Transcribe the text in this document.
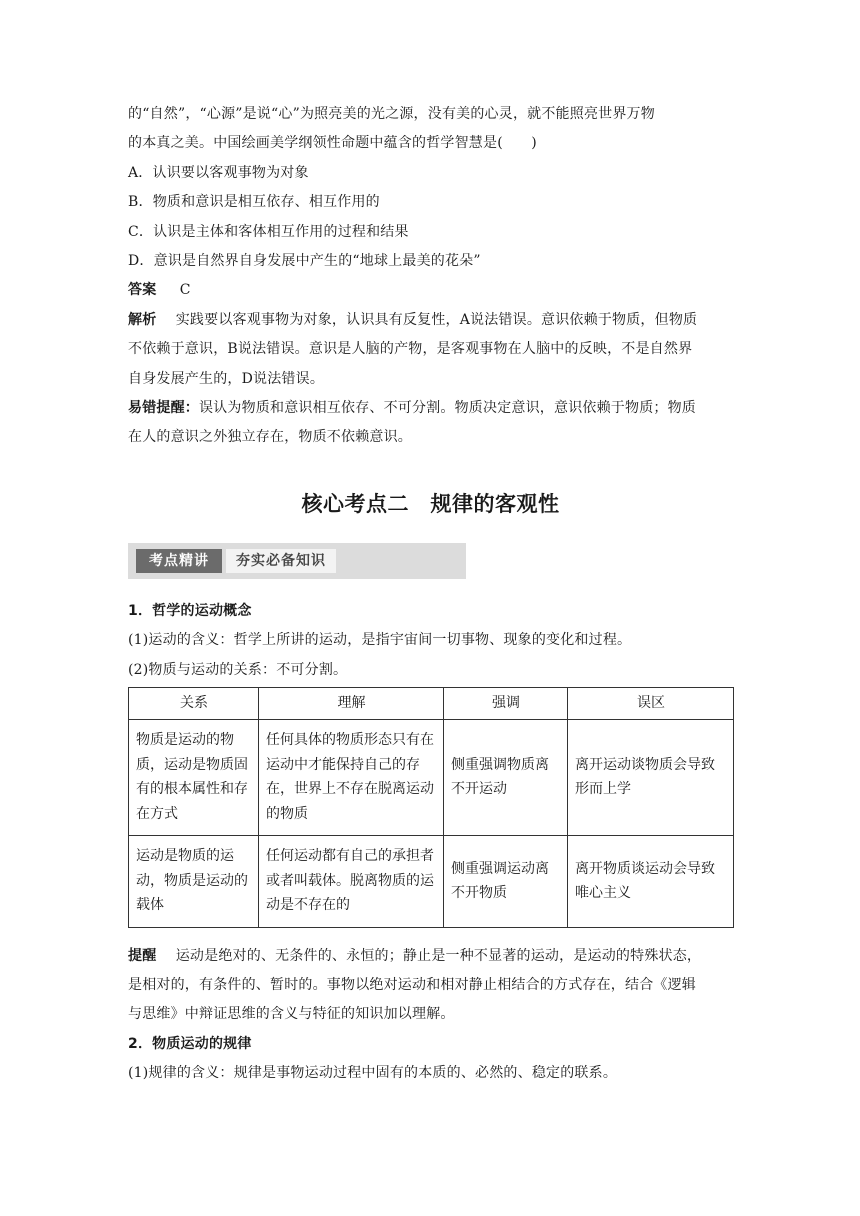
的“自然”，“心源”是说“心”为照亮美的光之源，没有美的心灵，就不能照亮世界万物

的本真之美。中国绘画美学纲领性命题中蕴含的哲学智慧是(　　)

A．认识要以客观事物为对象

B．物质和意识是相互依存、相互作用的

C．认识是主体和客体相互作用的过程和结果

D．意识是自然界自身发展中产生的“地球上最美的花朵”

答案 C

解析 实践要以客观事物为对象，认识具有反复性，A说法错误。意识依赖于物质，但物质

不依赖于意识，B说法错误。意识是人脑的产物，是客观事物在人脑中的反映，不是自然界

自身发展产生的，D说法错误。

易错提醒：误认为物质和意识相互依存、不可分割。物质决定意识，意识依赖于物质；物质

在人的意识之外独立存在，物质不依赖意识。

核心考点二　规律的客观性
考点精讲	夯实必备知识

1．哲学的运动概念

(1)运动的含义：哲学上所讲的运动，是指宇宙间一切事物、现象的变化和过程。

(2)物质与运动的关系：不可分割。

关系	理解	强调	误区
物质是运动的物质，运动是物质固有的根本属性和存在方式	任何具体的物质形态只有在运动中才能保持自己的存在，世界上不存在脱离运动的物质	侧重强调物质离不开运动	离开运动谈物质会导致形而上学
运动是物质的运动，物质是运动的载体	任何运动都有自己的承担者或者叫载体。脱离物质的运动是不存在的	侧重强调运动离不开物质	离开物质谈运动会导致唯心主义

提醒 运动是绝对的、无条件的、永恒的；静止是一种不显著的运动，是运动的特殊状态，

是相对的，有条件的、暂时的。事物以绝对运动和相对静止相结合的方式存在，结合《逻辑

与思维》中辩证思维的含义与特征的知识加以理解。

2．物质运动的规律

(1)规律的含义：规律是事物运动过程中固有的本质的、必然的、稳定的联系。
